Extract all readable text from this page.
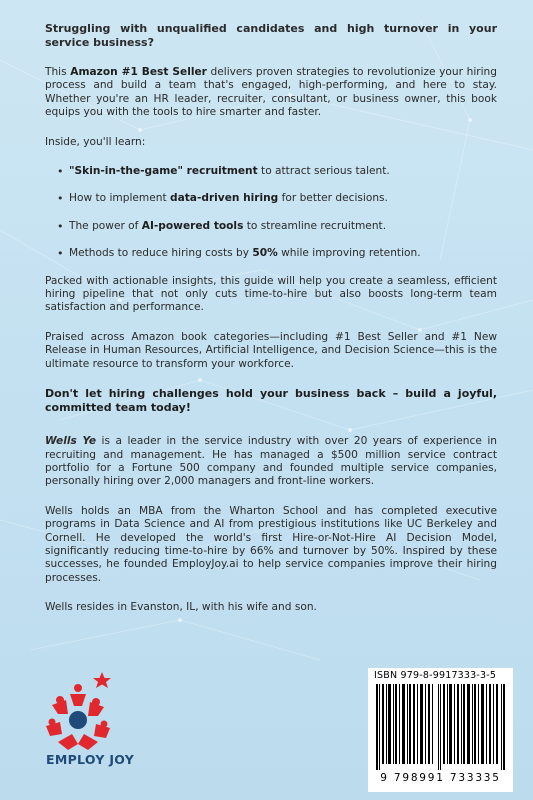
Struggling with unqualified candidates and high turnover in your service business?

This Amazon #1 Best Seller delivers proven strategies to revolutionize your hiring process and build a team that's engaged, high-performing, and here to stay. Whether you're an HR leader, recruiter, consultant, or business owner, this book equips you with the tools to hire smarter and faster.

Inside, you'll learn:

• "Skin-in-the-game" recruitment to attract serious talent.
• How to implement data-driven hiring for better decisions.
• The power of AI-powered tools to streamline recruitment.
• Methods to reduce hiring costs by 50% while improving retention.

Packed with actionable insights, this guide will help you create a seamless, efficient hiring pipeline that not only cuts time-to-hire but also boosts long-term team satisfaction and performance.

Praised across Amazon book categories—including #1 Best Seller and #1 New Release in Human Resources, Artificial Intelligence, and Decision Science—this is the ultimate resource to transform your workforce.

Don't let hiring challenges hold your business back – build a joyful, committed team today!

Wells Ye is a leader in the service industry with over 20 years of experience in recruiting and management. He has managed a $500 million service contract portfolio for a Fortune 500 company and founded multiple service companies, personally hiring over 2,000 managers and front-line workers.

Wells holds an MBA from the Wharton School and has completed executive programs in Data Science and AI from prestigious institutions like UC Berkeley and Cornell. He developed the world's first Hire-or-Not-Hire AI Decision Model, significantly reducing time-to-hire by 66% and turnover by 50%. Inspired by these successes, he founded EmployJoy.ai to help service companies improve their hiring processes.

Wells resides in Evanston, IL, with his wife and son.

EMPLOY JOY
ISBN 979-8-9917333-3-5
9 798991 733335
